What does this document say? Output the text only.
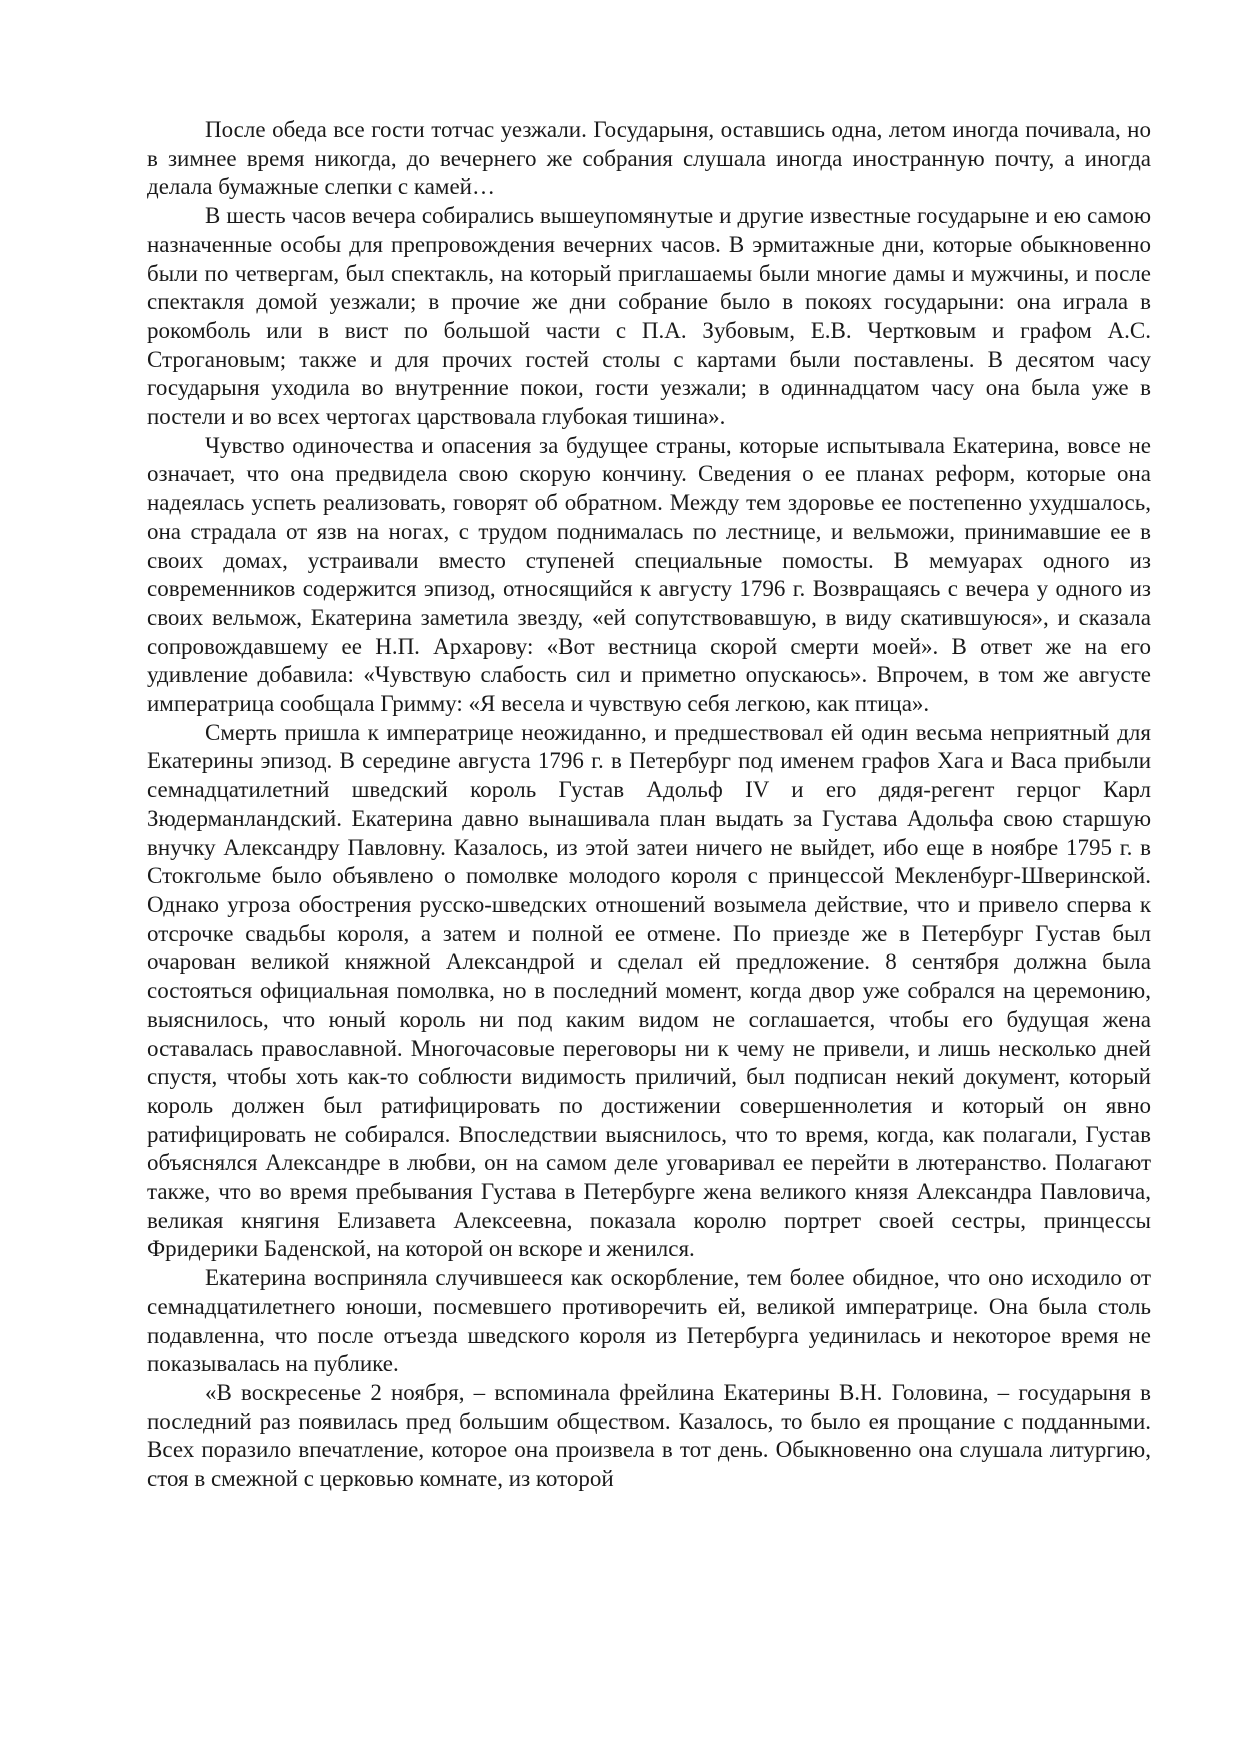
После обеда все гости тотчас уезжали. Государыня, оставшись одна, летом иногда почивала, но в зимнее время никогда, до вечернего же собрания слушала иногда иностранную почту, а иногда делала бумажные слепки с камей…

В шесть часов вечера собирались вышеупомянутые и другие известные государыне и ею самою назначенные особы для препровождения вечерних часов. В эрмитажные дни, которые обыкновенно были по четвергам, был спектакль, на который приглашаемы были многие дамы и мужчины, и после спектакля домой уезжали; в прочие же дни собрание было в покоях государыни: она играла в рокомболь или в вист по большой части с П.А. Зубовым, Е.В. Чертковым и графом А.С. Строгановым; также и для прочих гостей столы с картами были поставлены. В десятом часу государыня уходила во внутренние покои, гости уезжали; в одиннадцатом часу она была уже в постели и во всех чертогах царствовала глубокая тишина».

Чувство одиночества и опасения за будущее страны, которые испытывала Екатерина, вовсе не означает, что она предвидела свою скорую кончину. Сведения о ее планах реформ, которые она надеялась успеть реализовать, говорят об обратном. Между тем здоровье ее постепенно ухудшалось, она страдала от язв на ногах, с трудом поднималась по лестнице, и вельможи, принимавшие ее в своих домах, устраивали вместо ступеней специальные помосты. В мемуарах одного из современников содержится эпизод, относящийся к августу 1796 г. Возвращаясь с вечера у одного из своих вельмож, Екатерина заметила звезду, «ей сопутствовавшую, в виду скатившуюся», и сказала сопровождавшему ее Н.П. Архарову: «Вот вестница скорой смерти моей». В ответ же на его удивление добавила: «Чувствую слабость сил и приметно опускаюсь». Впрочем, в том же августе императрица сообщала Гримму: «Я весела и чувствую себя легкою, как птица».

Смерть пришла к императрице неожиданно, и предшествовал ей один весьма неприятный для Екатерины эпизод. В середине августа 1796 г. в Петербург под именем графов Хага и Васа прибыли семнадцатилетний шведский король Густав Адольф IV и его дядя-регент герцог Карл Зюдерманландский. Екатерина давно вынашивала план выдать за Густава Адольфа свою старшую внучку Александру Павловну. Казалось, из этой затеи ничего не выйдет, ибо еще в ноябре 1795 г. в Стокгольме было объявлено о помолвке молодого короля с принцессой Мекленбург-Шверинской. Однако угроза обострения русско-шведских отношений возымела действие, что и привело сперва к отсрочке свадьбы короля, а затем и полной ее отмене. По приезде же в Петербург Густав был очарован великой княжной Александрой и сделал ей предложение. 8 сентября должна была состояться официальная помолвка, но в последний момент, когда двор уже собрался на церемонию, выяснилось, что юный король ни под каким видом не соглашается, чтобы его будущая жена оставалась православной. Многочасовые переговоры ни к чему не привели, и лишь несколько дней спустя, чтобы хоть как-то соблюсти видимость приличий, был подписан некий документ, который король должен был ратифицировать по достижении совершеннолетия и который он явно ратифицировать не собирался. Впоследствии выяснилось, что то время, когда, как полагали, Густав объяснялся Александре в любви, он на самом деле уговаривал ее перейти в лютеранство. Полагают также, что во время пребывания Густава в Петербурге жена великого князя Александра Павловича, великая княгиня Елизавета Алексеевна, показала королю портрет своей сестры, принцессы Фридерики Баденской, на которой он вскоре и женился.

Екатерина восприняла случившееся как оскорбление, тем более обидное, что оно исходило от семнадцатилетнего юноши, посмевшего противоречить ей, великой императрице. Она была столь подавленна, что после отъезда шведского короля из Петербурга уединилась и некоторое время не показывалась на публике.

«В воскресенье 2 ноября, – вспоминала фрейлина Екатерины В.Н. Головина, – государыня в последний раз появилась пред большим обществом. Казалось, то было ея прощание с подданными. Всех поразило впечатление, которое она произвела в тот день. Обыкновенно она слушала литургию, стоя в смежной с церковью комнате, из которой
